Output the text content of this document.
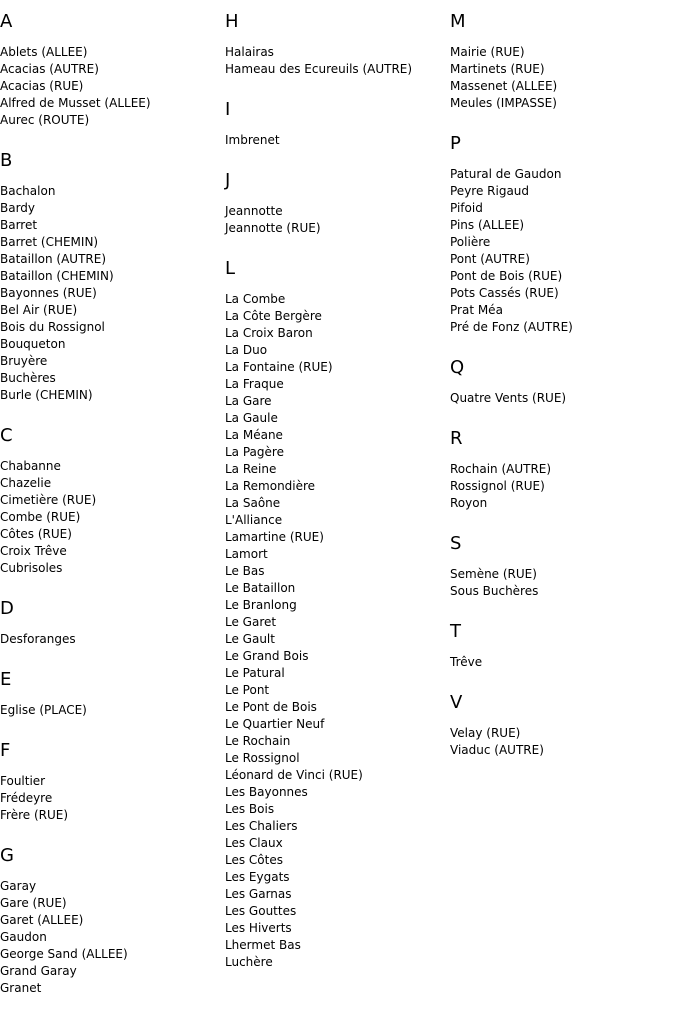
A
Ablets (ALLEE)
Acacias (AUTRE)
Acacias (RUE)
Alfred de Musset (ALLEE)
Aurec (ROUTE)
B
Bachalon
Bardy
Barret
Barret (CHEMIN)
Bataillon (AUTRE)
Bataillon (CHEMIN)
Bayonnes (RUE)
Bel Air (RUE)
Bois du Rossignol
Bouqueton
Bruyère
Buchères
Burle (CHEMIN)
C
Chabanne
Chazelie
Cimetière (RUE)
Combe (RUE)
Côtes (RUE)
Croix Trêve
Cubrisoles
D
Desforanges
E
Eglise (PLACE)
F
Foultier
Frédeyre
Frère (RUE)
G
Garay
Gare (RUE)
Garet (ALLEE)
Gaudon
George Sand (ALLEE)
Grand Garay
Granet
H
Halairas
Hameau des Ecureuils (AUTRE)
I
Imbrenet
J
Jeannotte
Jeannotte (RUE)
L
La Combe
La Côte Bergère
La Croix Baron
La Duo
La Fontaine (RUE)
La Fraque
La Gare
La Gaule
La Méane
La Pagère
La Reine
La Remondière
La Saône
L'Alliance
Lamartine (RUE)
Lamort
Le Bas
Le Bataillon
Le Branlong
Le Garet
Le Gault
Le Grand Bois
Le Patural
Le Pont
Le Pont de Bois
Le Quartier Neuf
Le Rochain
Le Rossignol
Léonard de Vinci (RUE)
Les Bayonnes
Les Bois
Les Chaliers
Les Claux
Les Côtes
Les Eygats
Les Garnas
Les Gouttes
Les Hiverts
Lhermet Bas
Luchère
M
Mairie (RUE)
Martinets (RUE)
Massenet (ALLEE)
Meules (IMPASSE)
P
Patural de Gaudon
Peyre Rigaud
Pifoid
Pins (ALLEE)
Polière
Pont (AUTRE)
Pont de Bois (RUE)
Pots Cassés (RUE)
Prat Méa
Pré de Fonz (AUTRE)
Q
Quatre Vents (RUE)
R
Rochain (AUTRE)
Rossignol (RUE)
Royon
S
Semène (RUE)
Sous Buchères
T
Trêve
V
Velay (RUE)
Viaduc (AUTRE)
